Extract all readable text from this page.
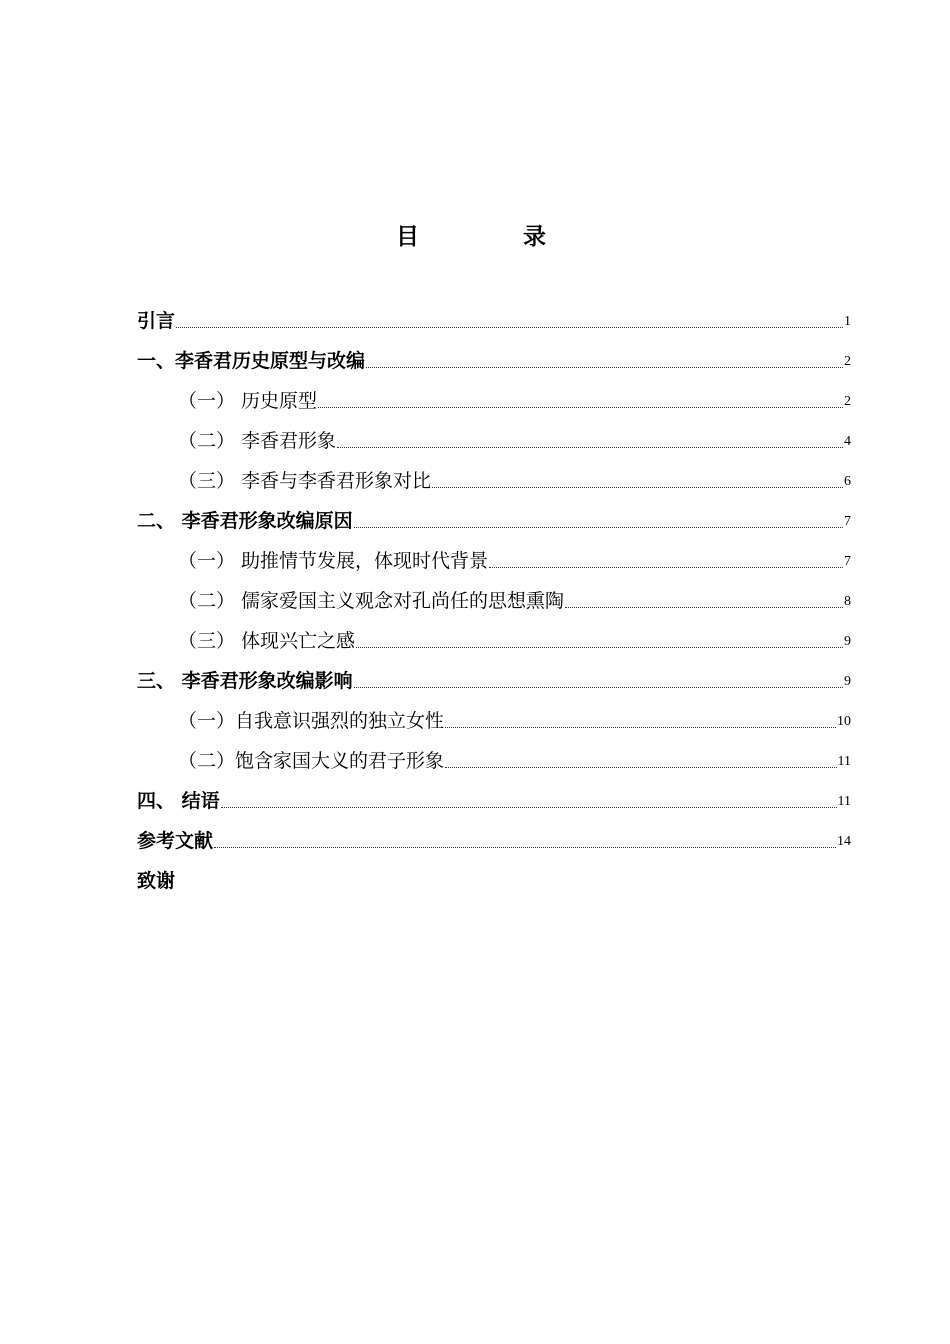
目 录
引言	1
一、李香君历史原型与改编	2
（一） 历史原型	2
（二） 李香君形象	4
（三） 李香与李香君形象对比	6
二、 李香君形象改编原因	7
（一） 助推情节发展，体现时代背景	7
（二） 儒家爱国主义观念对孔尚任的思想熏陶	8
（三） 体现兴亡之感	9
三、 李香君形象改编影响	9
（一）自我意识强烈的独立女性	10
（二）饱含家国大义的君子形象	11
四、 结语	11
参考文献	14
致谢
